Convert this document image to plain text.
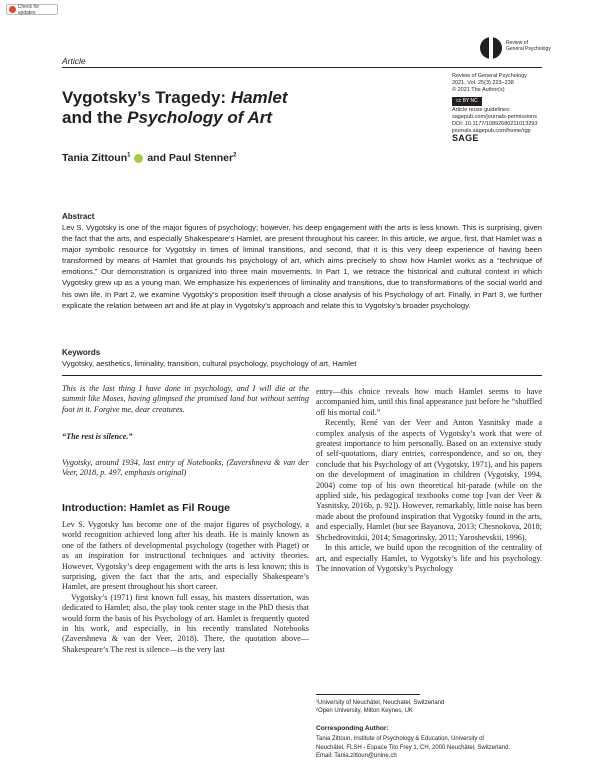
Check for updates
Article
Review of
General Psychology
Review of General Psychology
2021, Vol. 25(3) 223–238
© 2021 The Author(s)
cc BY NC
Article reuse guidelines:
sagepub.com/journals-permissions
DOI: 10.1177/10892680211013293
journals.sagepub.com/home/rgp
SAGE
Vygotsky’s Tragedy: Hamlet
and the Psychology of Art
Tania Zittoun$^1$ and Paul Stenner$^2$
Abstract
Lev S. Vygotsky is one of the major figures of psychology; however, his deep engagement with the arts is less known. This is surprising, given the fact that the arts, and especially Shakespeare’s Hamlet, are present throughout his career. In this article, we argue, first, that Hamlet was a major symbolic resource for Vygotsky in times of liminal transitions, and second, that it is this very deep experience of having been transformed by means of Hamlet that grounds his psychology of art, which aims precisely to show how Hamlet works as a “technique of emotions.” Our demonstration is organized into three main movements. In Part 1, we retrace the historical and cultural context in which Vygotsky grew up as a young man. We emphasize his experiences of liminality and transitions, due to transformations of the social world and his own life. In Part 2, we examine Vygotsky’s proposition itself through a close analysis of his Psychology of art. Finally, in Part 3, we further explicate the relation between art and life at play in Vygotsky’s approach and relate this to Vygotsky’s broader psychology.
Keywords
Vygotsky, aesthetics, liminality, transition, cultural psychology, psychology of art, Hamlet
This is the last thing I have done in psychology, and I will die at the summit like Moses, having glimpsed the promised land but without setting foot in it. Forgive me, dear creatures.
“The rest is silence.”
Vygotsky, around 1934, last entry of Notebooks, (Zavershneva & van der Veer, 2018, p. 497, emphasis original)
Introduction: Hamlet as Fil Rouge

Lev S. Vygotsky has become one of the major figures of psychology, a world recognition achieved long after his death. He is mainly known as one of the fathers of developmental psychology (together with Piaget) or as an inspiration for instructional techniques and activity theories. However, Vygotsky’s deep engagement with the arts is less known; this is surprising, given the fact that the arts, and especially Shakespeare’s Hamlet, are present throughout his short career.

Vygotsky’s (1971) first known full essay, his masters dissertation, was dedicated to Hamlet; also, the play took center stage in the PhD thesis that would form the basis of his Psychology of art. Hamlet is frequently quoted in his work, and especially, in his recently translated Notebooks (Zavershneva & van der Veer, 2018). There, the quotation above—Shakespeare’s The rest is silence—is the very last

entry—this choice reveals how much Hamlet seems to have accompanied him, until this final appearance just before he “shuffled off his mortal coil.”

Recently, René van der Veer and Anton Yasnitsky made a complex analysis of the aspects of Vygotsky’s work that were of greatest importance to him personally. Based on an extensive study of self-quotations, diary entries, correspondence, and so on, they conclude that his Psychology of art (Vygotsky, 1971), and his papers on the development of imagination in children (Vygotsky, 1994, 2004) come top of his own theoretical hit-parade (while on the applied side, his pedagogical textbooks come top [van der Veer & Yasnitsky, 2016b, p. 92]). However, remarkably, little noise has been made about the profound inspiration that Vygotsky found in the arts, and especially, Hamlet (but see Bayanova, 2013; Chesnokova, 2018; Shchedrovitskii, 2014; Smagorinsky, 2011; Yaroshevskii, 1996).

In this article, we build upon the recognition of the centrality of art, and especially Hamlet, to Vygotsky’s life and his psychology. The innovation of Vygotsky’s Psychology

¹University of Neuchâtel, Neuchatel, Switzerland
²Open University, Milton Keynes, UK
Corresponding Author:
Tania Zittoun, Institute of Psychology & Education, University of
Neuchâtel, FLSH - Espace Tilo Frey 1, CH, 2000 Neuchâtel, Switzerland.
Email: Tania.zittoun@unine.ch
